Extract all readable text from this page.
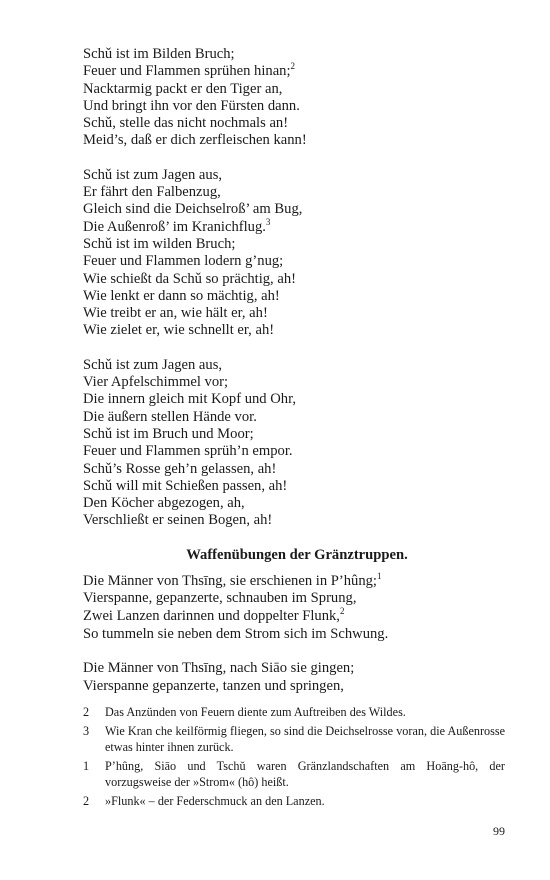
Schǔ ist im Bilden Bruch;
Feuer und Flammen sprühen hinan;$^2$
Nacktarmig packt er den Tiger an,
Und bringt ihn vor den Fürsten dann.
Schǔ, stelle das nicht nochmals an!
Meid’s, daß er dich zerfleischen kann!
Schǔ ist zum Jagen aus,
Er fährt den Falbenzug,
Gleich sind die Deichselroß’ am Bug,
Die Außenroß’ im Kranichflug.$^3$
Schǔ ist im wilden Bruch;
Feuer und Flammen lodern g’nug;
Wie schießt da Schǔ so prächtig, ah!
Wie lenkt er dann so mächtig, ah!
Wie treibt er an, wie hält er, ah!
Wie zielet er, wie schnellt er, ah!
Schǔ ist zum Jagen aus,
Vier Apfelschimmel vor;
Die innern gleich mit Kopf und Ohr,
Die äußern stellen Hände vor.
Schǔ ist im Bruch und Moor;
Feuer und Flammen sprüh’n empor.
Schǔ’s Rosse geh’n gelassen, ah!
Schǔ will mit Schießen passen, ah!
Den Köcher abgezogen, ah,
Verschließt er seinen Bogen, ah!
Waffenübungen der Gränztruppen.
Die Männer von Thsīng, sie erschienen in P’hûng;$^1$
Vierspanne, gepanzerte, schnauben im Sprung,
Zwei Lanzen darinnen und doppelter Flunk,$^2$
So tummeln sie neben dem Strom sich im Schwung.
Die Männer von Thsīng, nach Siāo sie gingen;
Vierspanne gepanzerte, tanzen und springen,
2	Das Anzünden von Feuern diente zum Auftreiben des Wildes.
3	Wie Kran che keilförmig fliegen, so sind die Deichselrosse voran, die Außenrosse etwas hinter ihnen zurück.
1	P’hûng, Siāo und Tschǔ waren Gränzlandschaften am Hoāng-hô, der vorzugsweise der »Strom« (hô) heißt.
2	»Flunk« – der Federschmuck an den Lanzen.
99
